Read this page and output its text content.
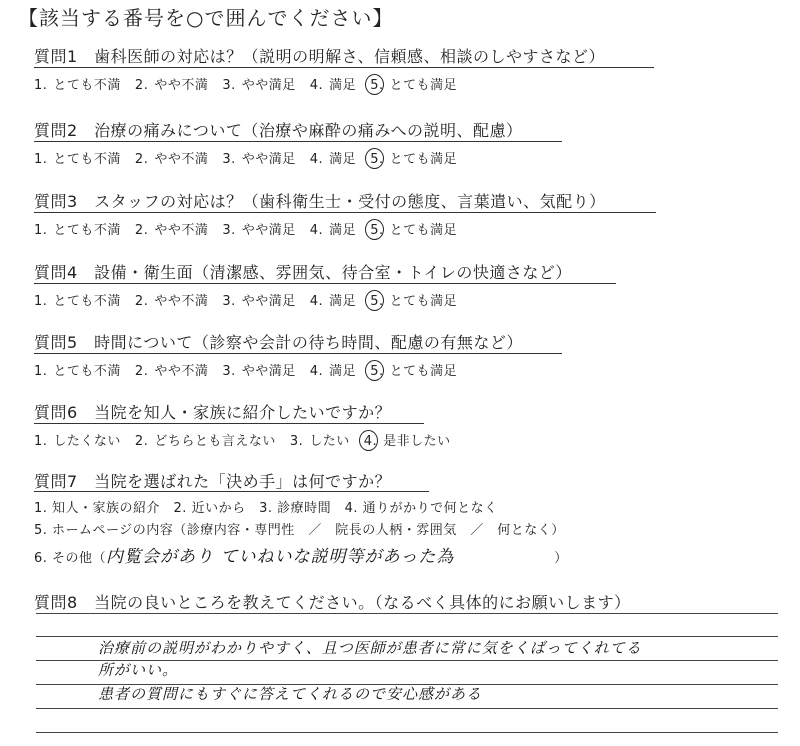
【該当する番号を○で囲んでください】
質問1　歯科医師の対応は？（説明の明解さ、信頼感、相談のしやすさなど）
1. とても不満 2. やや不満 3. やや満足 4. 満足 5. とても満足
質問2　治療の痛みについて（治療や麻酔の痛みへの説明、配慮）
1. とても不満 2. やや不満 3. やや満足 4. 満足 5. とても満足
質問3　スタッフの対応は？（歯科衛生士・受付の態度、言葉遣い、気配り）
1. とても不満 2. やや不満 3. やや満足 4. 満足 5. とても満足
質問4　設備・衛生面（清潔感、雰囲気、待合室・トイレの快適さなど）
1. とても不満 2. やや不満 3. やや満足 4. 満足 5. とても満足
質問5　時間について（診察や会計の待ち時間、配慮の有無など）
1. とても不満 2. やや不満 3. やや満足 4. 満足 5. とても満足
質問6　当院を知人・家族に紹介したいですか？
1. したくない 2. どちらとも言えない 3. したい 4. 是非したい
質問7　当院を選ばれた「決め手」は何ですか？
1. 知人・家族の紹介　2. 近いから　3. 診療時間　4. 通りがかりで何となく
5. ホームページの内容（診療内容・専門性　／　院長の人柄・雰囲気　／　何となく）
6. その他（内覧会があり ていねいな説明等があった為	）
質問8　当院の良いところを教えてください。（なるべく具体的にお願いします）
治療前の説明がわかりやすく、且つ医師が患者に常に気をくばってくれてる
所がいい。
患者の質問にもすぐに答えてくれるので安心感がある
